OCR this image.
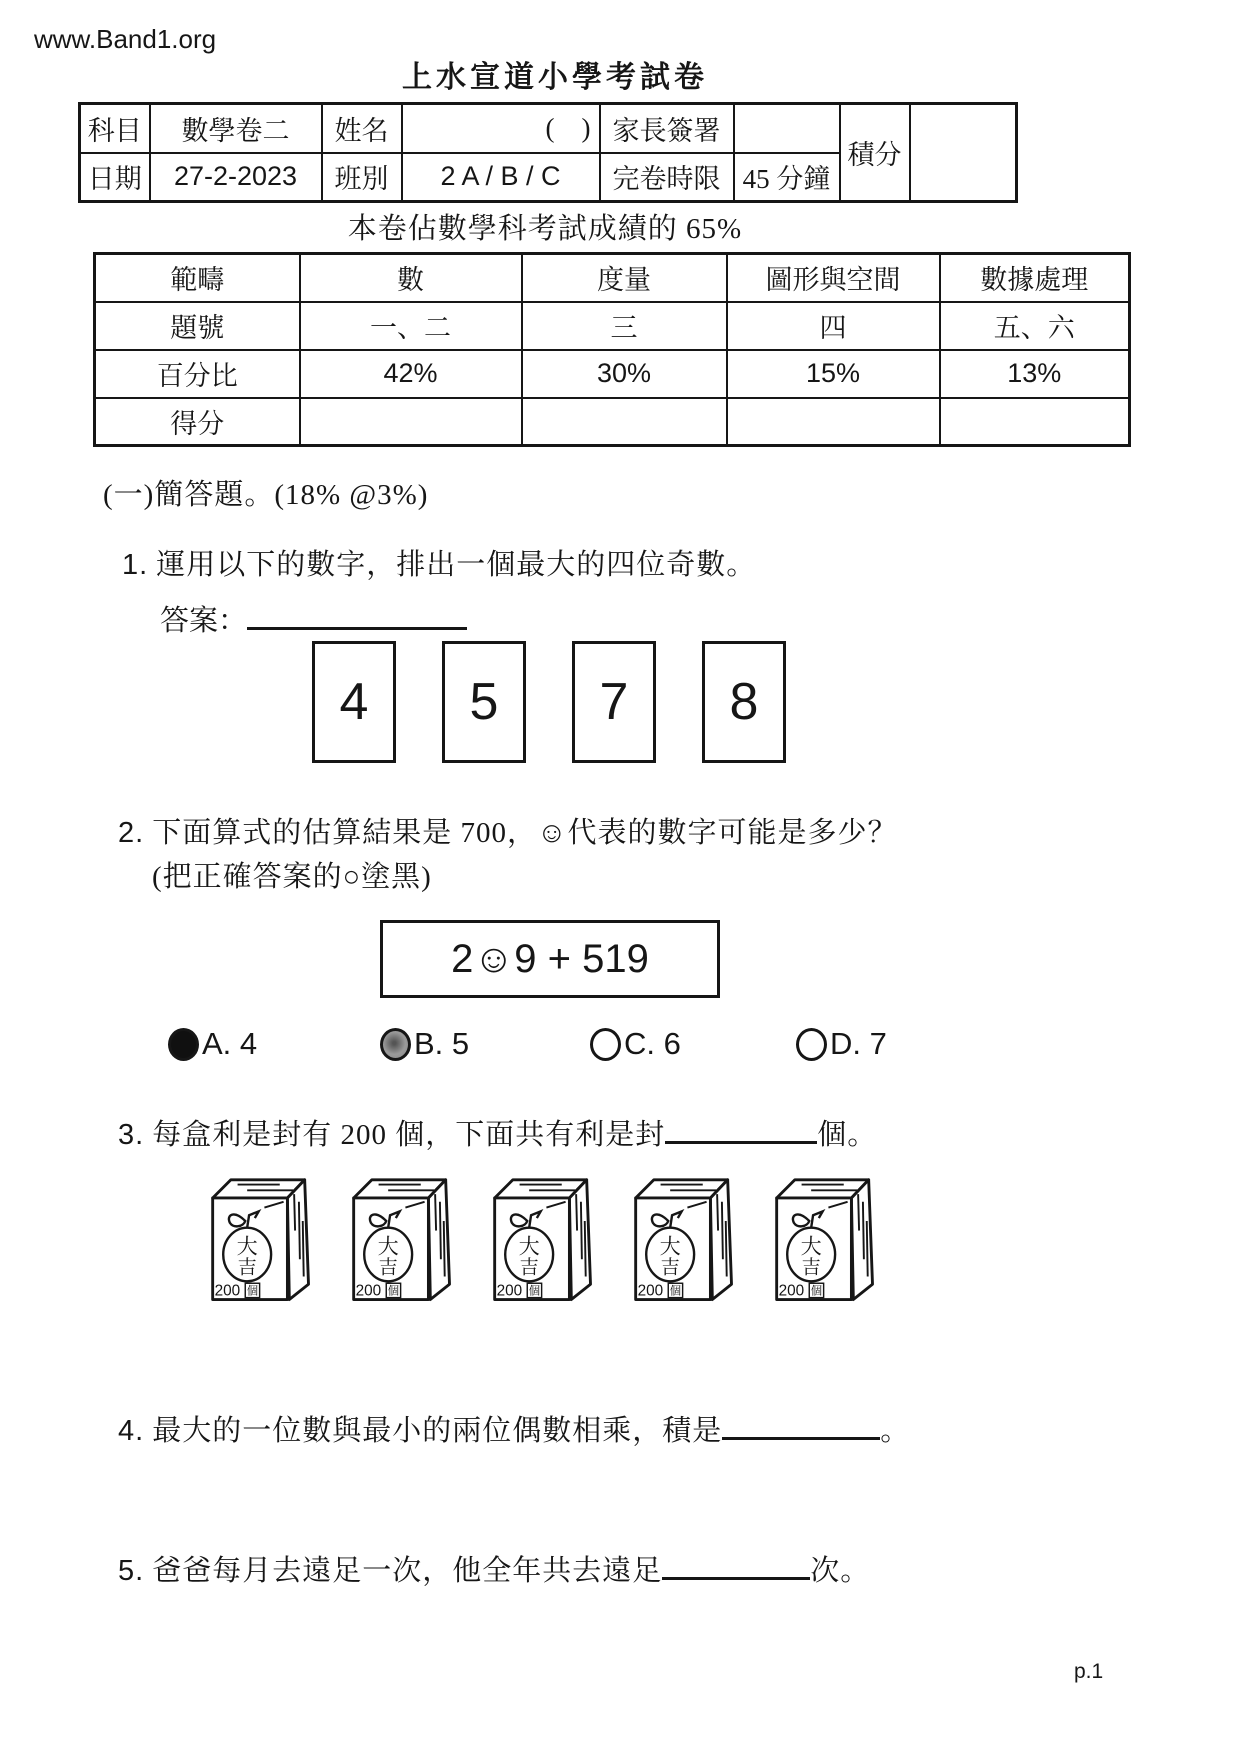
www.Band1.org
上水宣道小學考試卷
科目	數學卷二	姓名	(    )	家長簽署		積分	
日期	27-2-2023	班別	2 A / B / C	完卷時限	45 分鐘		
本卷佔數學科考試成績的 65%
範疇	數	度量	圖形與空間	數據處理
題號	一、二	三	四	五、六
百分比	42%	30%	15%	13%
得分				
(一)簡答題。(18% @3%)
1. 運用以下的數字，排出一個最大的四位奇數。
答案：
4	5	7	8
2. 下面算式的估算結果是 700，☺代表的數字可能是多少？
(把正確答案的○塗黑)
2☺9 + 519
A. 4	B. 5	C. 6	D. 7
3. 每盒利是封有 200 個，下面共有利是封	個。
大
吉
200 個
大
吉
200 個
大
吉
200 個
大
吉
200 個
大
吉
200 個
4. 最大的一位數與最小的兩位偶數相乘，積是	。
5. 爸爸每月去遠足一次，他全年共去遠足	次。
p.1
